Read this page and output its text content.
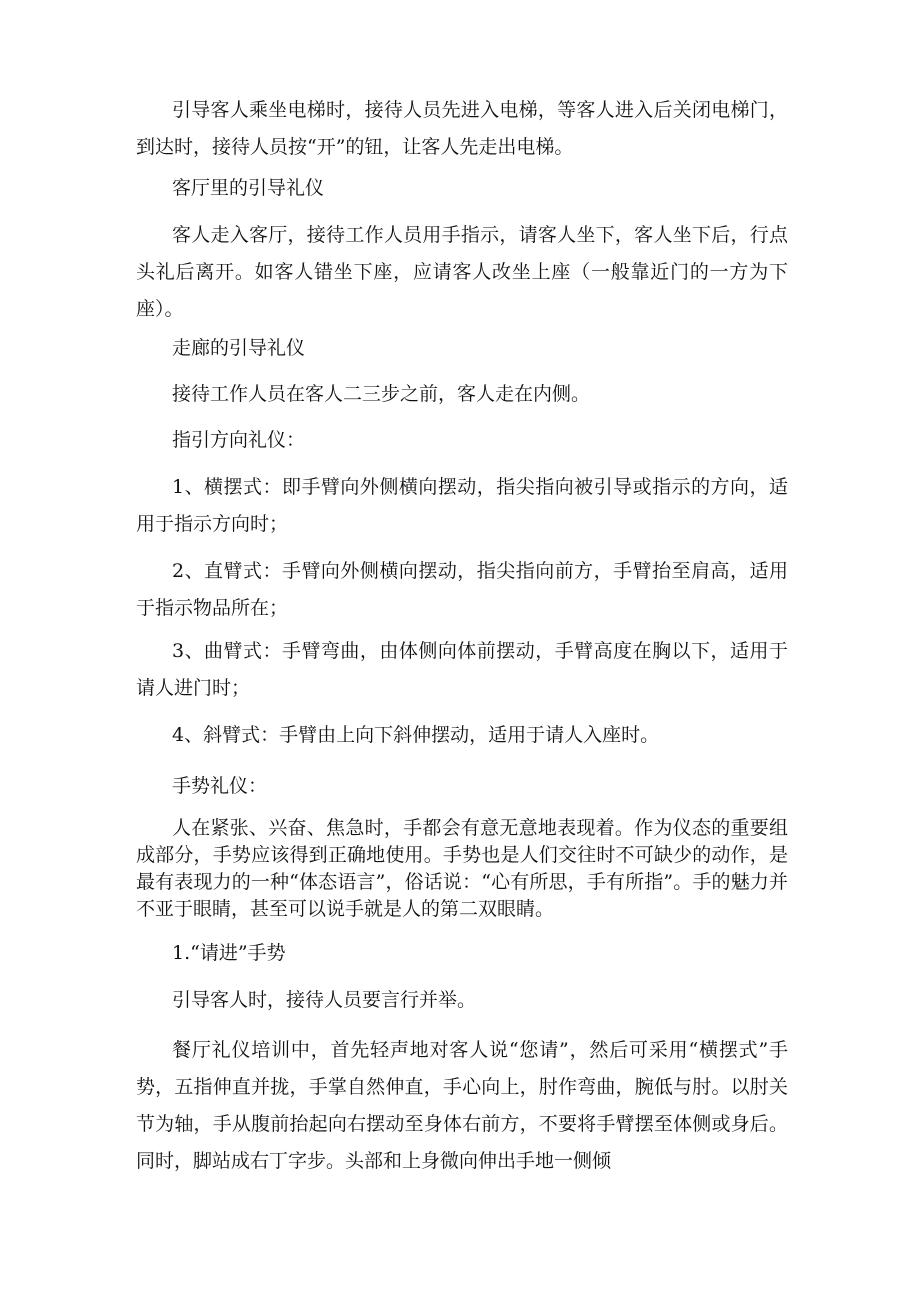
引导客人乘坐电梯时，接待人员先进入电梯，等客人进入后关闭电梯门，到达时，接待人员按“开”的钮，让客人先走出电梯。

客厅里的引导礼仪

客人走入客厅，接待工作人员用手指示，请客人坐下，客人坐下后，行点头礼后离开。如客人错坐下座，应请客人改坐上座（一般靠近门的一方为下座）。

走廊的引导礼仪

接待工作人员在客人二三步之前，客人走在内侧。

指引方向礼仪：

1、横摆式：即手臂向外侧横向摆动，指尖指向被引导或指示的方向，适用于指示方向时；

2、直臂式：手臂向外侧横向摆动，指尖指向前方，手臂抬至肩高，适用于指示物品所在；

3、曲臂式：手臂弯曲，由体侧向体前摆动，手臂高度在胸以下，适用于请人进门时；

4、斜臂式：手臂由上向下斜伸摆动，适用于请人入座时。

手势礼仪：

人在紧张、兴奋、焦急时，手都会有意无意地表现着。作为仪态的重要组成部分，手势应该得到正确地使用。手势也是人们交往时不可缺少的动作，是最有表现力的一种“体态语言”，俗话说：“心有所思，手有所指”。手的魅力并不亚于眼睛，甚至可以说手就是人的第二双眼睛。

1.“请进”手势

引导客人时，接待人员要言行并举。

餐厅礼仪培训中，首先轻声地对客人说“您请”，然后可采用“横摆式”手势，五指伸直并拢，手掌自然伸直，手心向上，肘作弯曲，腕低与肘。以肘关节为轴，手从腹前抬起向右摆动至身体右前方，不要将手臂摆至体侧或身后。同时，脚站成右丁字步。头部和上身微向伸出手地一侧倾
